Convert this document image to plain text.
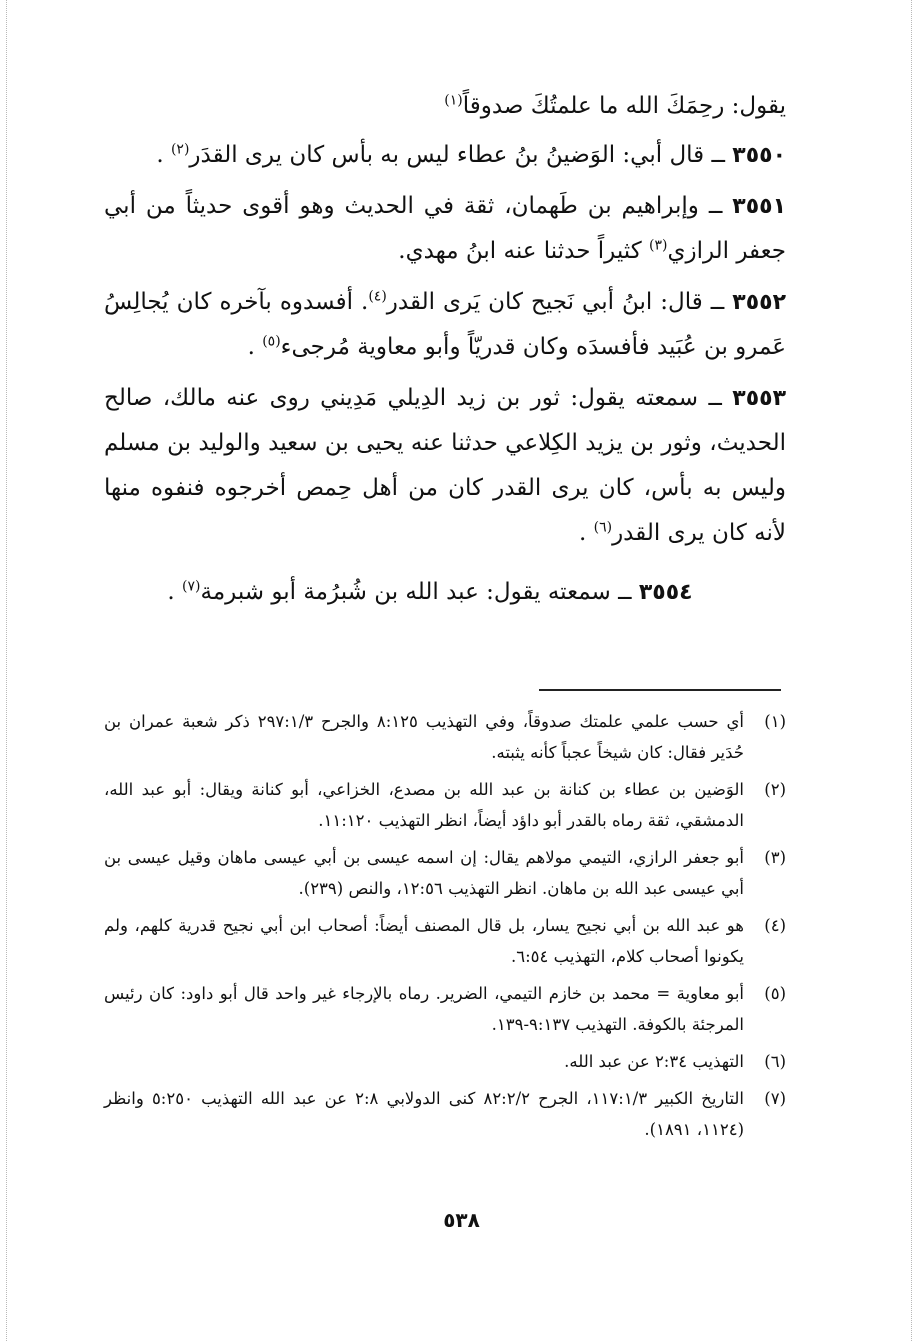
يقول: رحِمَكَ الله ما علمتُكَ صدوقاً$^{(١)}$

٣٥٥٠ ــ قال أبي: الوَضينُ بنُ عطاء ليس به بأس كان يرى القدَر$^{(٢)}$ .

٣٥٥١ ــ وإبراهيم بن طَهمان، ثقة في الحديث وهو أقوى حديثاً من أبي جعفر الرازي$^{(٣)}$ كثيراً حدثنا عنه ابنُ مهدي.

٣٥٥٢ ــ قال: ابنُ أبي نَجيح كان يَرى القدر$^{(٤)}$. أفسدوه بآخره كان يُجالِسُ عَمرو بن عُبَيد فأفسدَه وكان قدريّاً وأبو معاوية مُرجىء$^{(٥)}$ .

٣٥٥٣ ــ سمعته يقول: ثور بن زيد الدِيلي مَدِيني روى عنه مالك، صالح الحديث، وثور بن يزيد الكِلاعي حدثنا عنه يحيى بن سعيد والوليد بن مسلم وليس به بأس، كان يرى القدر كان من أهل حِمص أخرجوه فنفوه منها لأنه كان يرى القدر$^{(٦)}$ .

٣٥٥٤ ــ سمعته يقول: عبد الله بن شُبرُمة أبو شبرمة$^{(٧)}$ .

(١)
أي حسب علمي علمتك صدوقاً، وفي التهذيب ٨:١٢٥ والجرح ٢٩٧:١/٣ ذكر شعبة عمران بن حُدَير فقال: كان شيخاً عجباً كأنه يثبته.
(٢)
الوَضين بن عطاء بن كنانة بن عبد الله بن مصدع، الخزاعي، أبو كنانة ويقال: أبو عبد الله، الدمشقي، ثقة رماه بالقدر أبو داؤد أيضاً، انظر التهذيب ١١:١٢٠.
(٣)
أبو جعفر الرازي، التيمي مولاهم يقال: إن اسمه عيسى بن أبي عيسى ماهان وقيل عيسى بن أبي عيسى عبد الله بن ماهان. انظر التهذيب ١٢:٥٦، والنص (٢٣٩).
(٤)
هو عبد الله بن أبي نجيح يسار، بل قال المصنف أيضاً: أصحاب ابن أبي نجيح قدرية كلهم، ولم يكونوا أصحاب كلام، التهذيب ٦:٥٤.
(٥)
أبو معاوية = محمد بن خازم التيمي، الضرير. رماه بالإرجاء غير واحد قال أبو داود: كان رئيس المرجئة بالكوفة. التهذيب ٩:١٣٧-١٣٩.
(٦)
التهذيب ٢:٣٤ عن عبد الله.
(٧)
التاريخ الكبير ١١٧:١/٣، الجرح ٨٢:٢/٢ كنى الدولابي ٢:٨ عن عبد الله التهذيب ٥:٢٥٠ وانظر (١١٢٤، ١٨٩١).
٥٣٨
